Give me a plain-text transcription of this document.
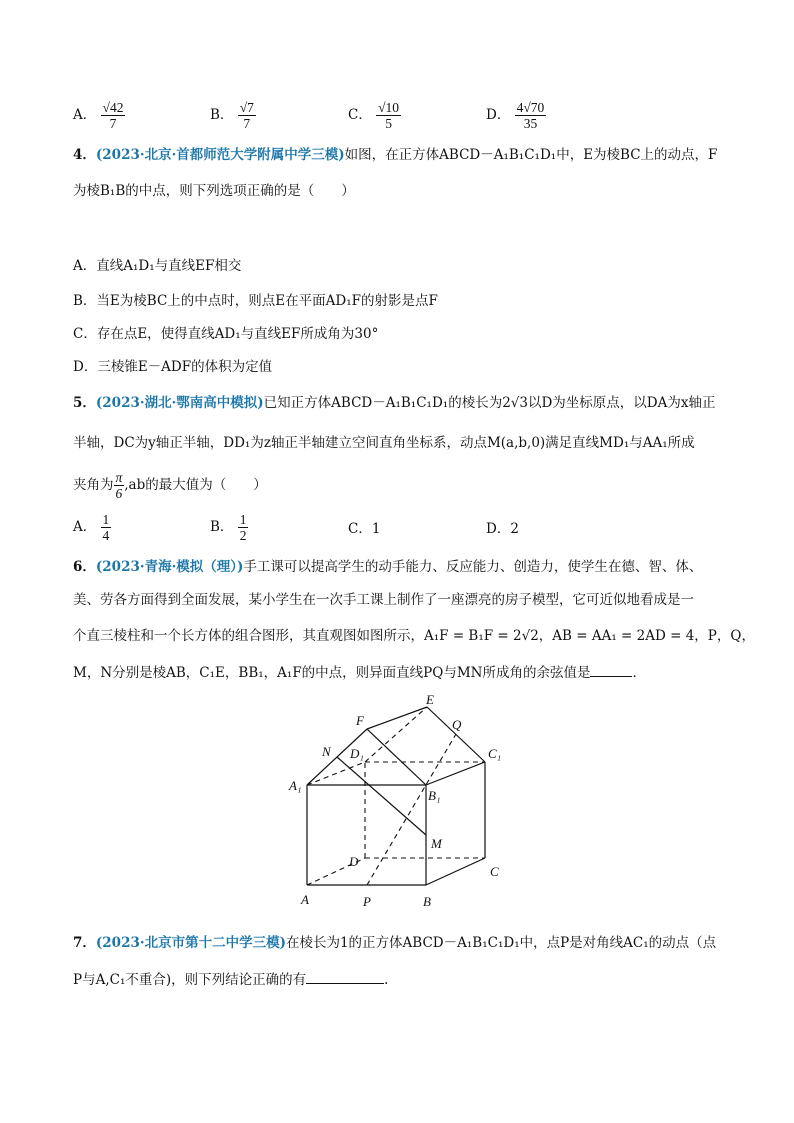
A． $\frac{√42}{7}$	B． $\frac{√7}{7}$	C． $\frac{√10}{5}$	D． $\frac{4√70}{35}$
4．(2023·北京·首都师范大学附属中学三模)如图，在正方体ABCD－A₁B₁C₁D₁中，E为棱BC上的动点，F
为棱B₁B的中点，则下列选项正确的是（　　）
A．直线A₁D₁与直线EF相交
B．当E为棱BC上的中点时，则点E在平面AD₁F的射影是点F
C．存在点E，使得直线AD₁与直线EF所成角为30°
D．三棱锥E－ADF的体积为定值
5．(2023·湖北·鄂南高中模拟)已知正方体ABCD－A₁B₁C₁D₁的棱长为2√3以D为坐标原点，以DA为x轴正
半轴，DC为y轴正半轴，DD₁为z轴正半轴建立空间直角坐标系，动点M(a,b,0)满足直线MD₁与AA₁所成
夹角为 $\frac{\pi}{6} ,ab$的最大值为（　　）
A． $\frac{1}{4}$	B． $\frac{1}{2}$	C．1	D．2
6．(2023·青海·模拟（理）)手工课可以提高学生的动手能力、反应能力、创造力，使学生在德、智、体、
美、劳各方面得到全面发展，某小学生在一次手工课上制作了一座漂亮的房子模型，它可近似地看成是一
个直三棱柱和一个长方体的组合图形，其直观图如图所示，A₁F = B₁F = 2√2，AB = AA₁ = 2AD = 4，P，Q，
M，N分别是棱AB，C₁E，BB₁，A₁F的中点，则异面直线PQ与MN所成角的余弦值是	．
E
F	Q
N D₁	C₁
A₁
B₁
M
D
C
A	P	B
7．(2023·北京市第十二中学三模)在棱长为1的正方体ABCD－A₁B₁C₁D₁中，点P是对角线AC₁的动点（点
P与A,C₁不重合)，则下列结论正确的有	.
